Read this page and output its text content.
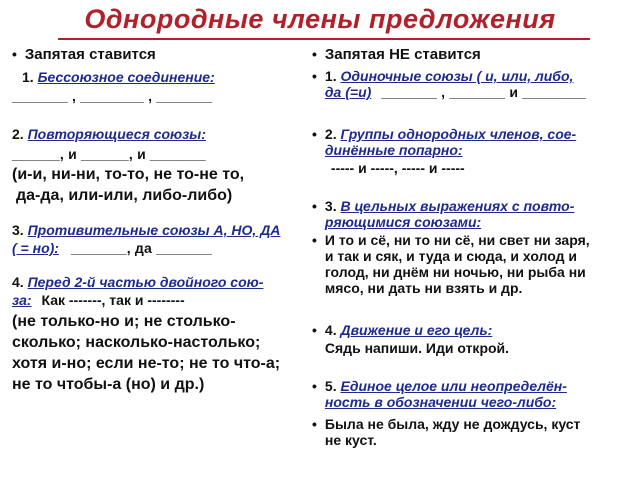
Однородные члены предложения
• Запятая ставится
1. Бессоюзное соединение:
_______ , ________ , _______
2. Повторяющиеся союзы:
______, и ______, и _______
(и-и, ни-ни, то-то, не то-не то,
да-да, или-или, либо-либо)
3. Противительные союзы А, НО, ДА
( = но): _______, да _______
4. Перед 2-й частью двойного сою-
за: Как -------, так и --------
(не только-но и; не столько-
сколько; насколько-настолько;
хотя и-но; если не-то; не то что-а;
не то чтобы-а (но) и др.)
• Запятая НЕ ставится
• 1. Одиночные союзы ( и, или, либо,
да (=и) _______ , _______ и ________
• 2. Группы однородных членов, сое-
динённые попарно:
----- и -----, ----- и -----
• 3. В цельных выражениях с повто-
ряющимися союзами:
• И то и сё, ни то ни сё, ни свет ни заря,
и так и сяк, и туда и сюда, и холод и
голод, ни днём ни ночью, ни рыба ни
мясо, ни дать ни взять и др.
• 4. Движение и его цель:
Сядь напиши. Иди открой.
• 5. Единое целое или неопределён-
ность в обозначении чего-либо:
• Была не была, жду не дождусь, куст
не куст.
